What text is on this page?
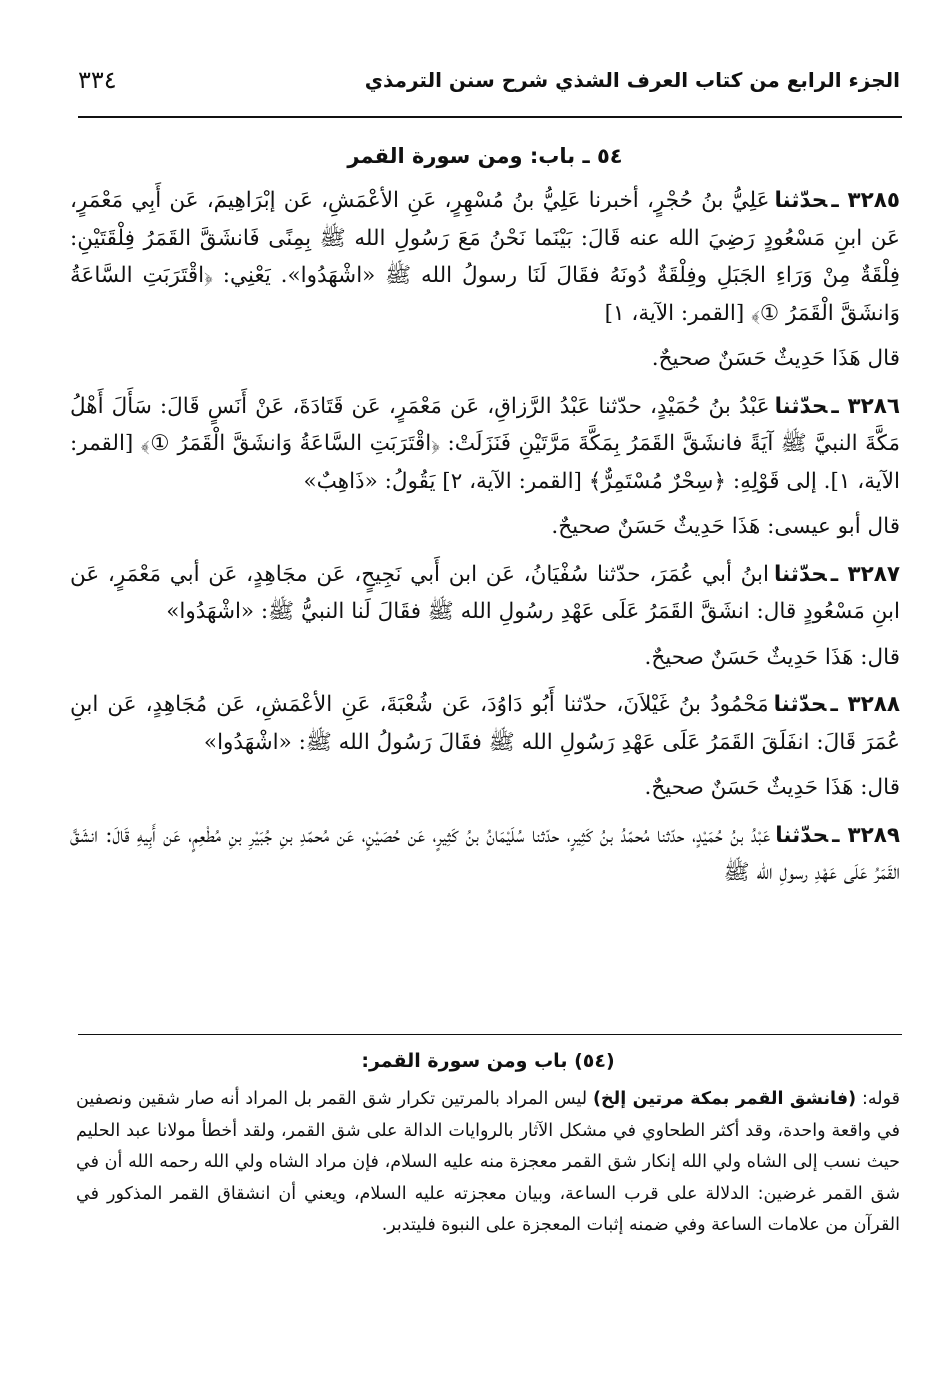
٣٣٤	الجزء الرابع من كتاب العرف الشذي شرح سنن الترمذي
٥٤ ـ باب: ومن سورة القمر

٣٢٨٥ ـحدّثناعَلِيُّ بنُ حُجْرٍ، أخبرنا عَلِيُّ بنُ مُسْهِرٍ، عَنِ الأعْمَشِ، عَن إبْرَاهِيمَ، عَن أَبِي مَعْمَرٍ، عَن ابنِ مَسْعُودٍ رَضِيَ الله عنه قَالَ: بَيْنَما نَحْنُ مَعَ رَسُولِ الله ﷺ بِمِنًى فَانشَقَّ القَمَرُ فِلْقَتَيْنِ: فِلْقَةٌ مِنْ وَرَاءِ الجَبَلِ وفِلْقَةٌ دُونَهُ فقَالَ لَنَا رسولُ الله ﷺ «اشْهَدُوا». يَعْنِي: ﴿اقْتَرَبَتِ السَّاعَةُ وَانشَقَّ الْقَمَرُ ①﴾ [القمر: الآية، ١]

قال هَذَا حَدِيثٌ حَسَنٌ صحيحٌ.

٣٢٨٦ ـحدّثناعَبْدُ بنُ حُمَيْدٍ، حدّثنا عَبْدُ الرَّزاقِ، عَن مَعْمَرٍ، عَن قَتَادَةَ، عَنْ أَنَسٍ قَالَ: سَأَلَ أَهْلُ مَكَّةَ النبيَّ ﷺ آيَةً فانشَقَّ القَمَرُ بِمَكَّةَ مَرَّتَيْنِ فَنَزَلَتْ: ﴿اقْتَرَبَتِ السَّاعَةُ وَانشَقَّ الْقَمَرُ ①﴾ [القمر: الآية، ١]. إلى قَوْلِهِ: ﴿سِحْرٌ مُسْتَمِرٌّ﴾ [القمر: الآية، ٢] يَقُولُ: «ذَاهِبٌ»

قال أبو عيسى: هَذَا حَدِيثٌ حَسَنٌ صحيحٌ.

٣٢٨٧ ـحدّثناابنُ أبي عُمَرَ، حدّثنا سُفْيَانُ، عَن ابن أَبي نَجِيحٍ، عَن مجَاهِدٍ، عَن أبي مَعْمَرٍ، عَن ابنِ مَسْعُودٍ قال: انشَقَّ القَمَرُ عَلَى عَهْدِ رسُولِ الله ﷺ فقَالَ لَنا النبيُّ ﷺ: «اشْهَدُوا»

قال: هَذَا حَدِيثٌ حَسَنٌ صحيحٌ.

٣٢٨٨ ـحدّثنامَحْمُودُ بنُ غَيْلاَنَ، حدّثنا أَبُو دَاوُدَ، عَن شُعْبَةَ، عَنِ الأعْمَشِ، عَن مُجَاهِدٍ، عَن ابنِ عُمَرَ قَالَ: انفَلَقَ القَمَرُ عَلَى عَهْدِ رَسُولِ الله ﷺ فقَالَ رَسُولُ الله ﷺ: «اشْهَدُوا»

قال: هَذَا حَدِيثٌ حَسَنٌ صحيحٌ.

٣٢٨٩ ـحدّثناعَبْدُ بنُ حُمَيْدٍ، حدّثنا مُحمّدُ بنُ كَثِيرٍ، حدّثنا سُلَيْمَانُ بنُ كَثِيرٍ، عَن حُصَيْنٍ، عَن مُحمّدِ بنِ جُبَيْرِ بنِ مُطْعِمٍ، عَن أَبِيهِ قَالَ: انشَقَّ القَمَرُ عَلَى عَهْدِ رسولِ الله ﷺ

(٥٤) باب ومن سورة القمر:

قوله: (فانشق القمر بمكة مرتين إلخ) ليس المراد بالمرتين تكرار شق القمر بل المراد أنه صار شقين ونصفين في واقعة واحدة، وقد أكثر الطحاوي في مشكل الآثار بالروايات الدالة على شق القمر، ولقد أخطأ مولانا عبد الحليم حيث نسب إلى الشاه ولي الله إنكار شق القمر معجزة منه عليه السلام، فإن مراد الشاه ولي الله رحمه الله أن في شق القمر غرضين: الدلالة على قرب الساعة، وبيان معجزته عليه السلام، ويعني أن انشقاق القمر المذكور في القرآن من علامات الساعة وفي ضمنه إثبات المعجزة على النبوة فليتدبر.
